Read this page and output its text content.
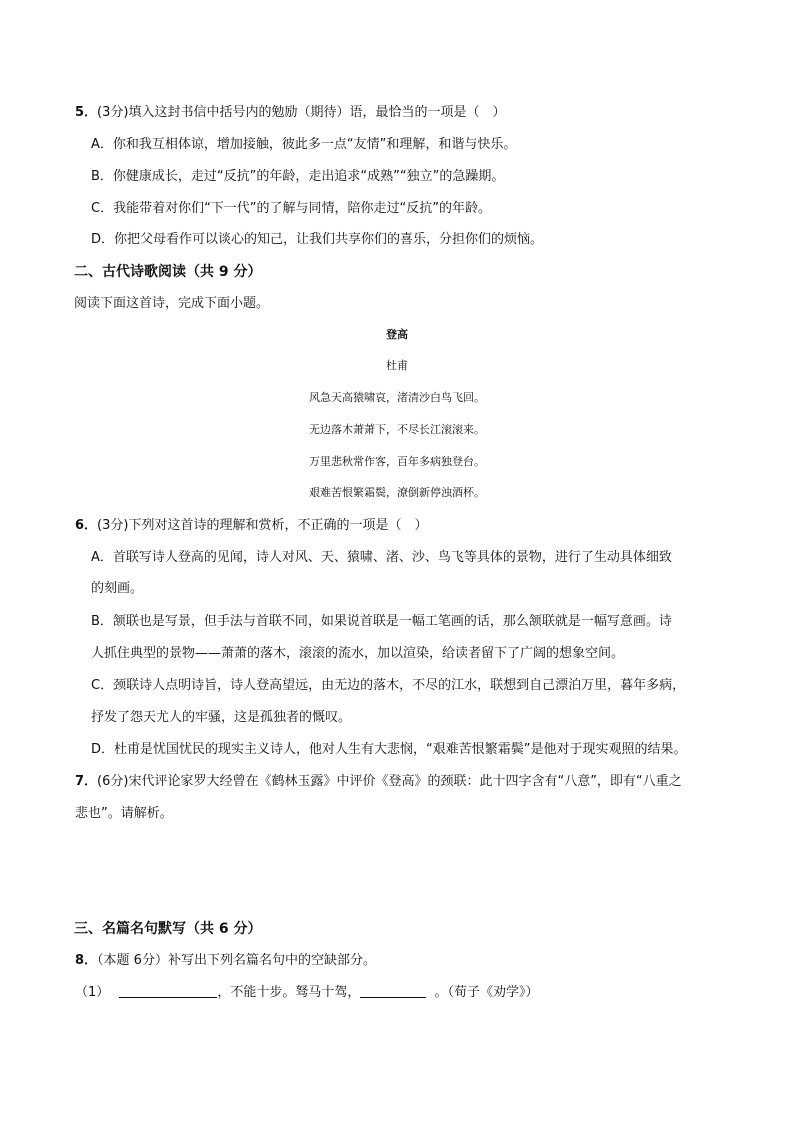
5．(3分)填入这封书信中括号内的勉励（期待）语，最恰当的一项是（　）
A．你和我互相体谅，增加接触，彼此多一点“友情”和理解，和谐与快乐。
B．你健康成长，走过“反抗”的年龄，走出追求“成熟”“独立”的急躁期。
C．我能带着对你们“下一代”的了解与同情，陪你走过“反抗”的年龄。
D．你把父母看作可以谈心的知己，让我们共享你们的喜乐，分担你们的烦恼。
二、古代诗歌阅读（共 9 分）
阅读下面这首诗，完成下面小题。
登高
杜甫
风急天高猿啸哀，渚清沙白鸟飞回。
无边落木萧萧下，不尽长江滚滚来。
万里悲秋常作客，百年多病独登台。
艰难苦恨繁霜鬓，潦倒新停浊酒杯。
6．(3分)下列对这首诗的理解和赏析，不正确的一项是（　）
A．首联写诗人登高的见闻，诗人对风、天、猿啸、渚、沙、鸟飞等具体的景物，进行了生动具体细致
的刻画。
B．颔联也是写景，但手法与首联不同，如果说首联是一幅工笔画的话，那么颔联就是一幅写意画。诗
人抓住典型的景物——萧萧的落木，滚滚的流水，加以渲染，给读者留下了广阔的想象空间。
C．颈联诗人点明诗旨，诗人登高望远，由无边的落木，不尽的江水，联想到自己漂泊万里，暮年多病，
抒发了怨天尤人的牢骚，这是孤独者的慨叹。
D．杜甫是忧国忧民的现实主义诗人，他对人生有大悲悯，“艰难苦恨繁霜鬓”是他对于现实观照的结果。
7．(6分)宋代评论家罗大经曾在《鹤林玉露》中评价《登高》的颈联：此十四字含有“八意”，即有“八重之
悲也”。请解析。
三、名篇名句默写（共 6 分）
8．（本题 6分）补写出下列名篇名句中的空缺部分。
（1）	，不能十步。驽马十驾，	。（荀子《劝学》）
